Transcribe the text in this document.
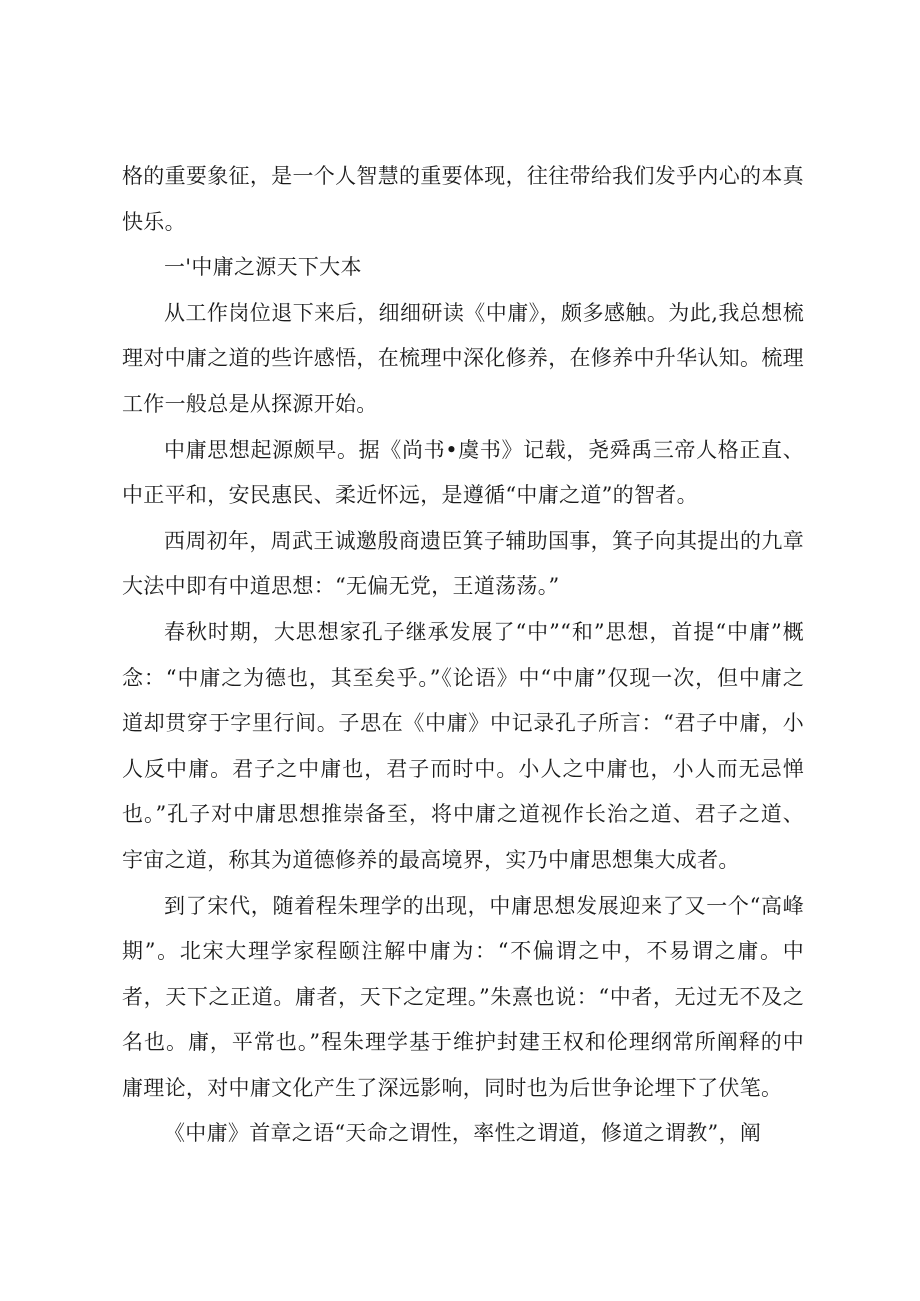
格的重要象征，是一个人智慧的重要体现，往往带给我们发乎内心的本真快乐。

一'中庸之源天下大本

从工作岗位退下来后，细细研读《中庸》，颇多感触。为此,我总想梳理对中庸之道的些许感悟，在梳理中深化修养，在修养中升华认知。梳理工作一般总是从探源开始。

中庸思想起源颇早。据《尚书•虞书》记载，尧舜禹三帝人格正直、中正平和，安民惠民、柔近怀远，是遵循“中庸之道”的智者。

西周初年，周武王诚邀殷商遗臣箕子辅助国事，箕子向其提出的九章大法中即有中道思想：“无偏无党，王道荡荡。”

春秋时期，大思想家孔子继承发展了“中”“和”思想，首提“中庸”概念：“中庸之为德也，其至矣乎。”《论语》中“中庸”仅现一次，但中庸之道却贯穿于字里行间。子思在《中庸》中记录孔子所言：“君子中庸，小人反中庸。君子之中庸也，君子而时中。小人之中庸也，小人而无忌惮也。”孔子对中庸思想推崇备至，将中庸之道视作长治之道、君子之道、宇宙之道，称其为道德修养的最高境界，实乃中庸思想集大成者。

到了宋代，随着程朱理学的出现，中庸思想发展迎来了又一个“高峰期”。北宋大理学家程颐注解中庸为：“不偏谓之中，不易谓之庸。中者，天下之正道。庸者，天下之定理。”朱熹也说：“中者，无过无不及之名也。庸，平常也。”程朱理学基于维护封建王权和伦理纲常所阐释的中庸理论，对中庸文化产生了深远影响，同时也为后世争论埋下了伏笔。

《中庸》首章之语“天命之谓性，率性之谓道，修道之谓教”，阐
